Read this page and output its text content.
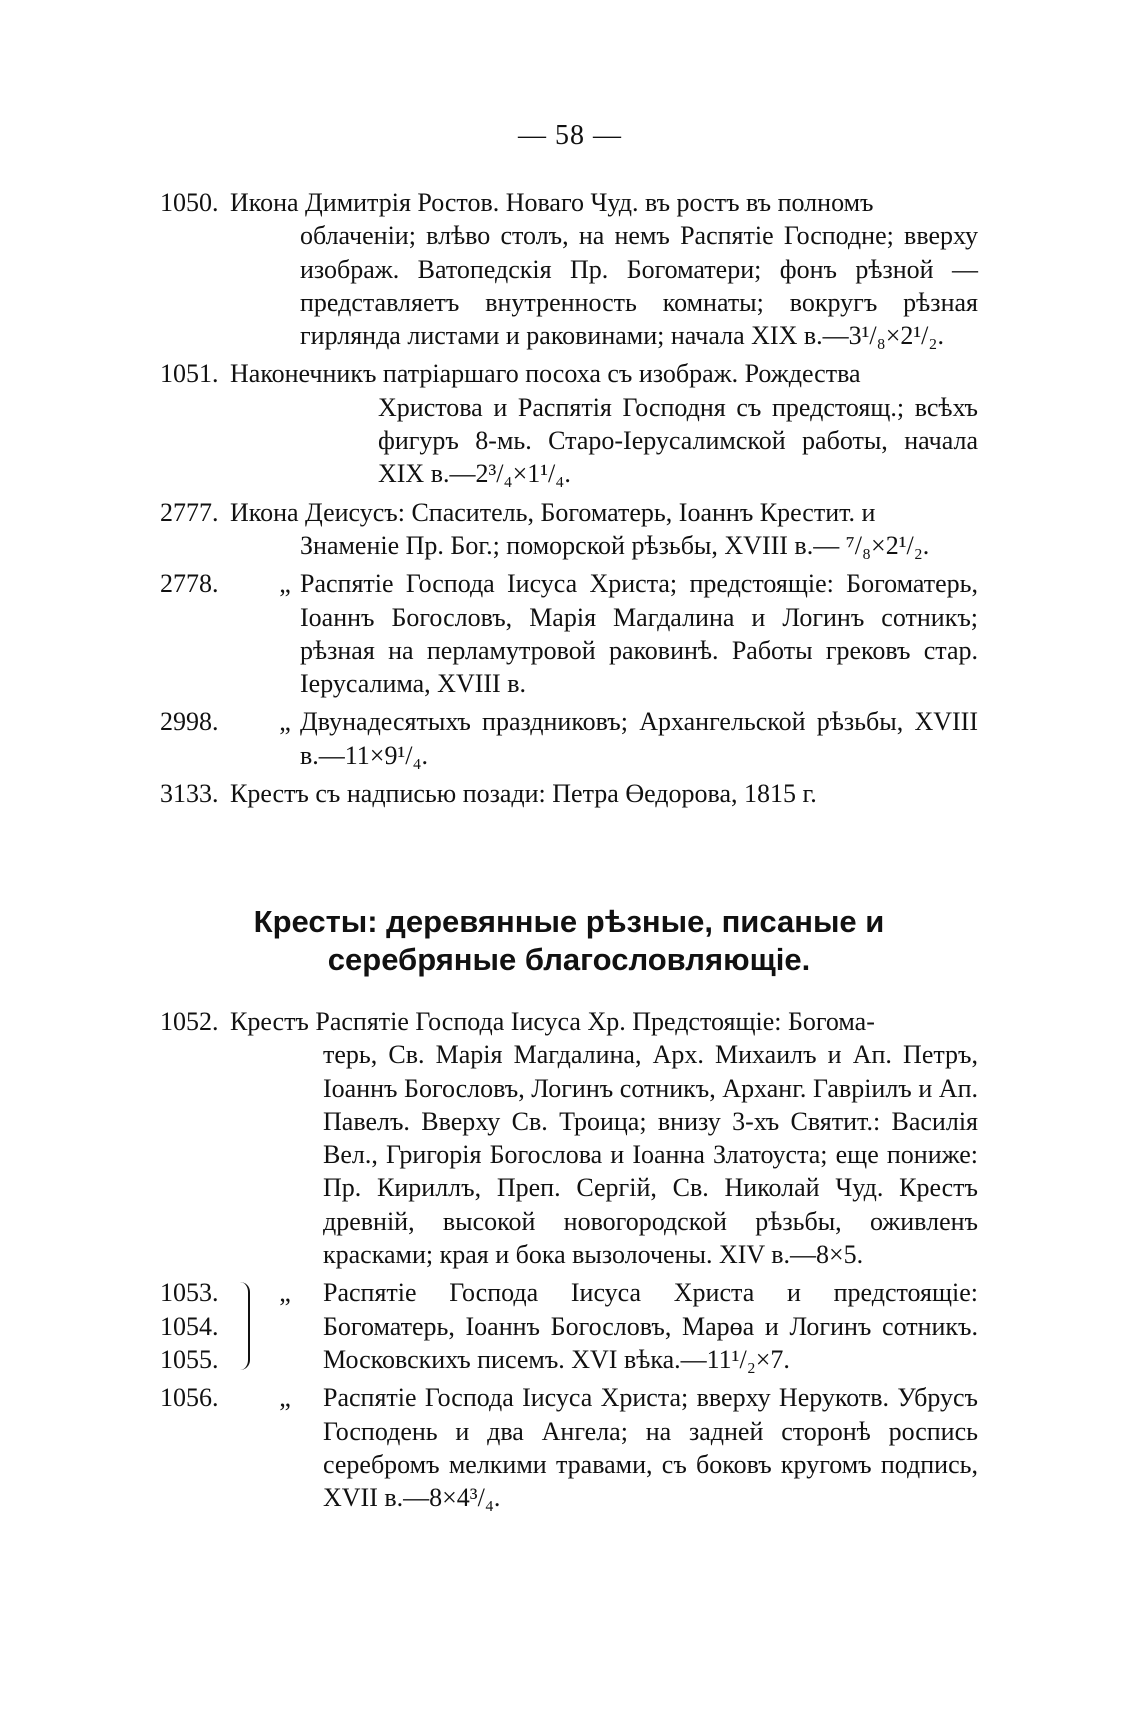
— 58 —
1050. Икона Димитрія Ростов. Новаго Чуд. въ ростъ въ полномъ
облаченіи; влѣво столъ, на немъ Распятіе Господне; вверху изображ. Ватопедскія Пр. Богоматери; фонъ рѣзной — представляетъ внутренность комнаты; вокругъ рѣзная гирлянда листами и раковинами; начала XIX в.—3¹/₈×2¹/₂.
1051. Наконечникъ патріаршаго посоха съ изображ. Рождества
Христова и Распятія Господня съ предстоящ.; всѣхъ фигуръ 8-мь. Старо-Іерусалимской работы, начала XIX в.—2³/₄×1¹/₄.
2777. Икона Деисусъ: Спаситель, Богоматерь, Іоаннъ Крестит. и
Знаменіе Пр. Бог.; поморской рѣзьбы, XVIII в.— ⁷/₈×2¹/₂.
2778.	„ Распятіе Господа Іисуса Христа; предстоящіе: Богоматерь, Іоаннъ Богословъ, Марія Магдалина и Логинъ сотникъ; рѣзная на перламутровой раковинѣ. Работы грековъ стар. Іерусалима, XVIII в.
2998.	„ Двунадесятыхъ праздниковъ; Архангельской рѣзьбы, XVIII в.—11×9¹/₄.
3133. Крестъ съ надписью позади: Петра Өедорова, 1815 г.
Кресты: деревянные рѣзные, писаные и серебряные благословляющіе.
1052. Крестъ Распятіе Господа Іисуса Хр. Предстоящіе: Богома-
терь, Св. Марія Магдалина, Арх. Михаилъ и Ап. Петръ, Іоаннъ Богословъ, Логинъ сотникъ, Арханг. Гавріилъ и Ап. Павелъ. Вверху Св. Троица; внизу 3-хъ Святит.: Василія Вел., Григорія Богослова и Іоанна Златоуста; еще пониже: Пр. Кириллъ, Преп. Сергій, Св. Николай Чуд. Крестъ древній, высокой новогородской рѣзьбы, оживленъ красками; края и бока вызолочены. XIV в.—8×5.
1053.
1054.
1055.
„	Распятіе Господа Іисуса Христа и предстоящіе: Богоматерь, Іоаннъ Богословъ, Марөа и Логинъ сотникъ. Московскихъ писемъ. XVI вѣка.—11¹/₂×7.
1056.	„	Распятіе Господа Іисуса Христа; вверху Нерукотв. Убрусъ Господень и два Ангела; на задней сторонѣ роспись серебромъ мелкими травами, съ боковъ кругомъ подпись, XVII в.—8×4³/₄.
